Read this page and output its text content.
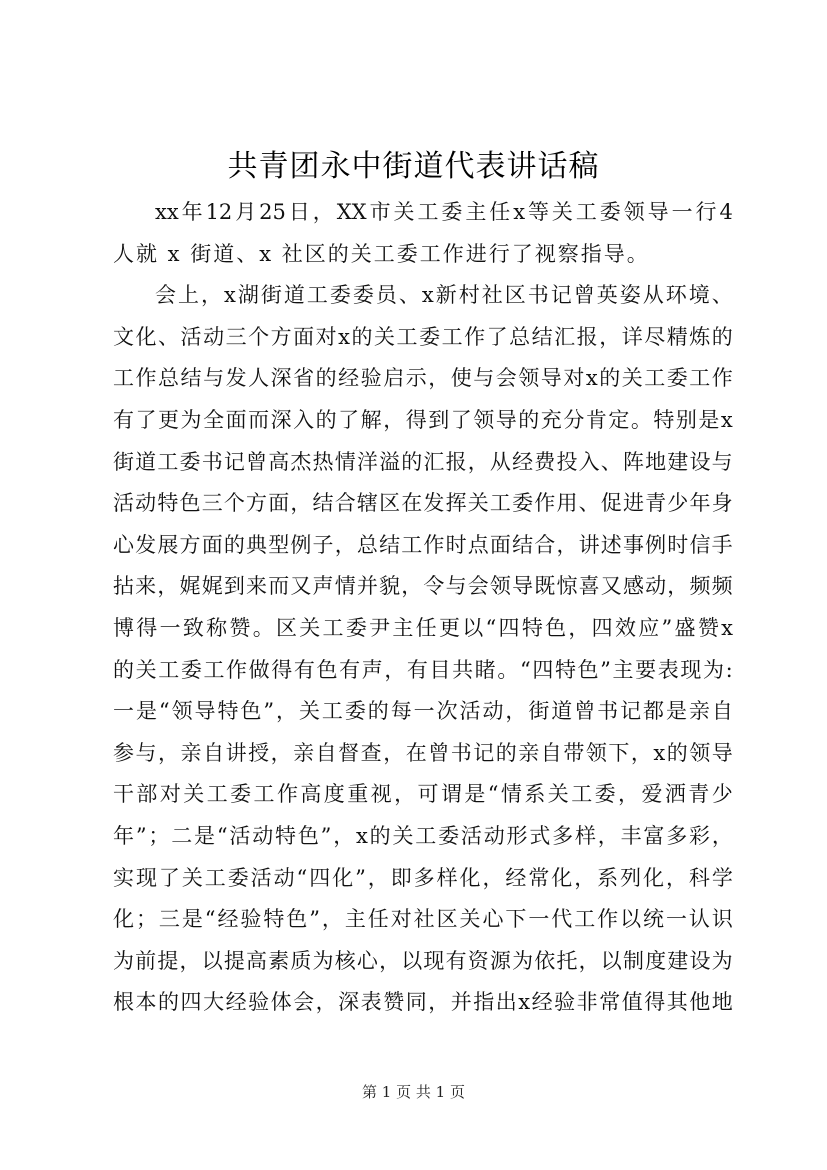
共青团永中街道代表讲话稿
xx 年 12 月 25 日 ， XX 市 关 工 委 主 任 x 等 关 工 委 领 导 一 行 4
人就 x 街道、x 社区的关工委工作进行了视察指导。
会 上 ， x 湖 街 道 工 委 委 员 、 x 新 村 社 区 书 记 曾 英 姿 从 环 境 、
文 化 、 活 动 三 个 方 面 对 x 的 关 工 委 工 作 了 总 结 汇 报 ， 详 尽 精 炼 的
工 作 总 结 与 发 人 深 省 的 经 验 启 示 ， 使 与 会 领 导 对 x 的 关 工 委 工 作
有 了 更 为 全 面 而 深 入 的 了 解 ， 得 到 了 领 导 的 充 分 肯 定 。 特 别 是 x
街 道 工 委 书 记 曾 高 杰 热 情 洋 溢 的 汇 报 ， 从 经 费 投 入 、 阵 地 建 设 与
活 动 特 色 三 个 方 面 ， 结 合 辖 区 在 发 挥 关 工 委 作 用 、 促 进 青 少 年 身
心 发 展 方 面 的 典 型 例 子 ， 总 结 工 作 时 点 面 结 合 ， 讲 述 事 例 时 信 手
拈 来 ， 娓 娓 到 来 而 又 声 情 并 貌 ， 令 与 会 领 导 既 惊 喜 又 感 动 ， 频 频
博 得 一 致 称 赞 。 区 关 工 委 尹 主 任 更 以 “ 四 特 色 ， 四 效 应 ” 盛 赞 x
的 关 工 委 工 作 做 得 有 色 有 声 ， 有 目 共 睹 。 “ 四 特 色 ” 主 要 表 现 为 :
一 是 “ 领 导 特 色 ” ， 关 工 委 的 每 一 次 活 动 ， 街 道 曾 书 记 都 是 亲 自
参 与 ， 亲 自 讲 授 ， 亲 自 督 查 ， 在 曾 书 记 的 亲 自 带 领 下 ， x 的 领 导
干 部 对 关 工 委 工 作 高 度 重 视 ， 可 谓 是 “ 情 系 关 工 委 ， 爱 洒 青 少
年 ” ； 二 是 “ 活 动 特 色 ” ， x 的 关 工 委 活 动 形 式 多 样 ， 丰 富 多 彩 ，
实 现 了 关 工 委 活 动 “ 四 化 ” ， 即 多 样 化 ， 经 常 化 ， 系 列 化 ， 科 学
化 ； 三 是 “ 经 验 特 色 ” ， 主 任 对 社 区 关 心 下 一 代 工 作 以 统 一 认 识
为 前 提 ， 以 提 高 素 质 为 核 心 ， 以 现 有 资 源 为 依 托 ， 以 制 度 建 设 为
根 本 的 四 大 经 验 体 会 ， 深 表 赞 同 ， 并 指 出 x 经 验 非 常 值 得 其 他 地
第 1 页 共 1 页
